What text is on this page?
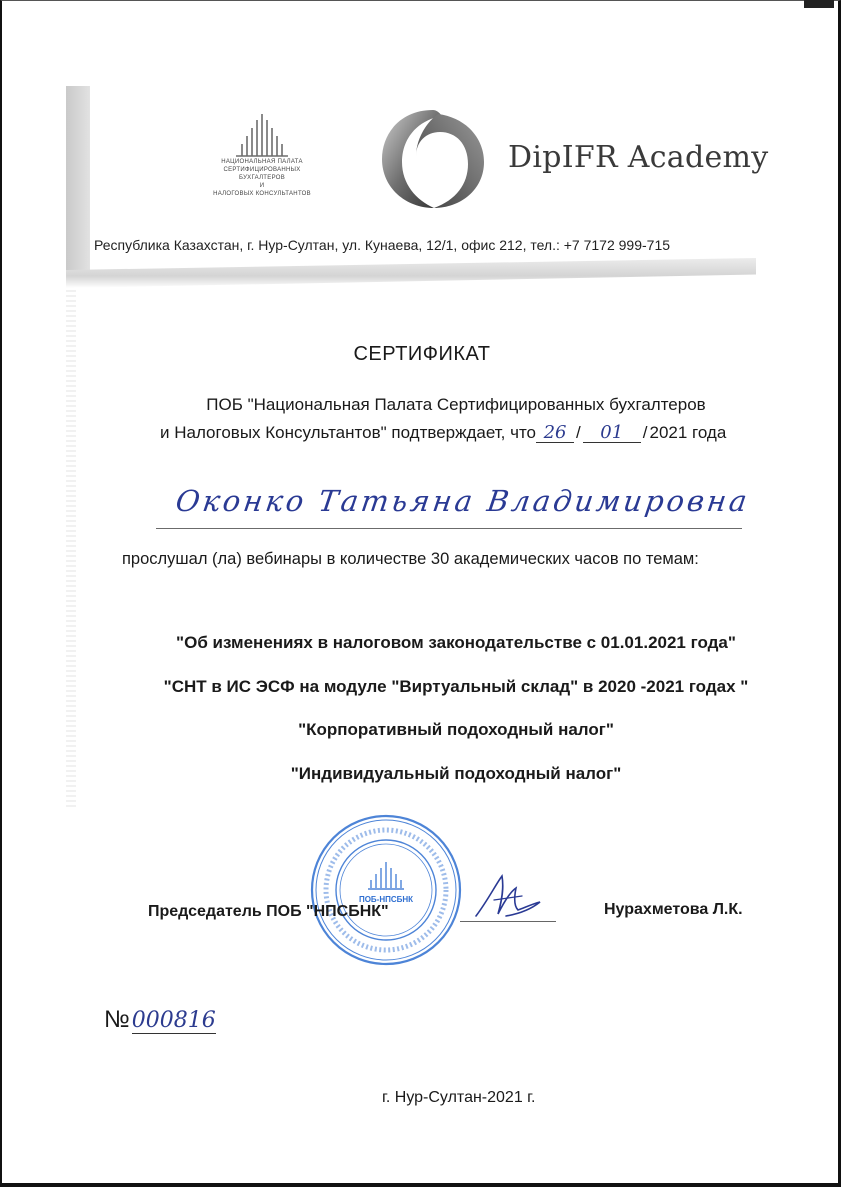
НАЦИОНАЛЬНАЯ ПАЛАТА
СЕРТИФИЦИРОВАННЫХ
БУХГАЛТЕРОВ
И
НАЛОГОВЫХ КОНСУЛЬТАНТОВ
DipIFR Academy
Республика Казахстан, г. Нур-Султан, ул. Кунаева, 12/1, офис 212, тел.: +7 7172 999-715
СЕРТИФИКАТ
ПОБ "Национальная Палата Сертифицированных бухгалтеров
и Налоговых Консультантов" подтверждает, что 26 / 01 / 2021 года
Оконко Татьяна Владимировна
прослушал (ла) вебинары в количестве 30 академических часов по темам:
"Об изменениях в налоговом законодательстве с 01.01.2021 года"
"СНТ в ИС ЭСФ на модуле "Виртуальный склад" в 2020 -2021 годах "
"Корпоративный подоходный налог"
"Индивидуальный подоходный налог"
ПОБ-НПСБНК
Председатель ПОБ "НПСБНК"	Нурахметова Л.К.
№000816
г. Нур-Султан-2021 г.
